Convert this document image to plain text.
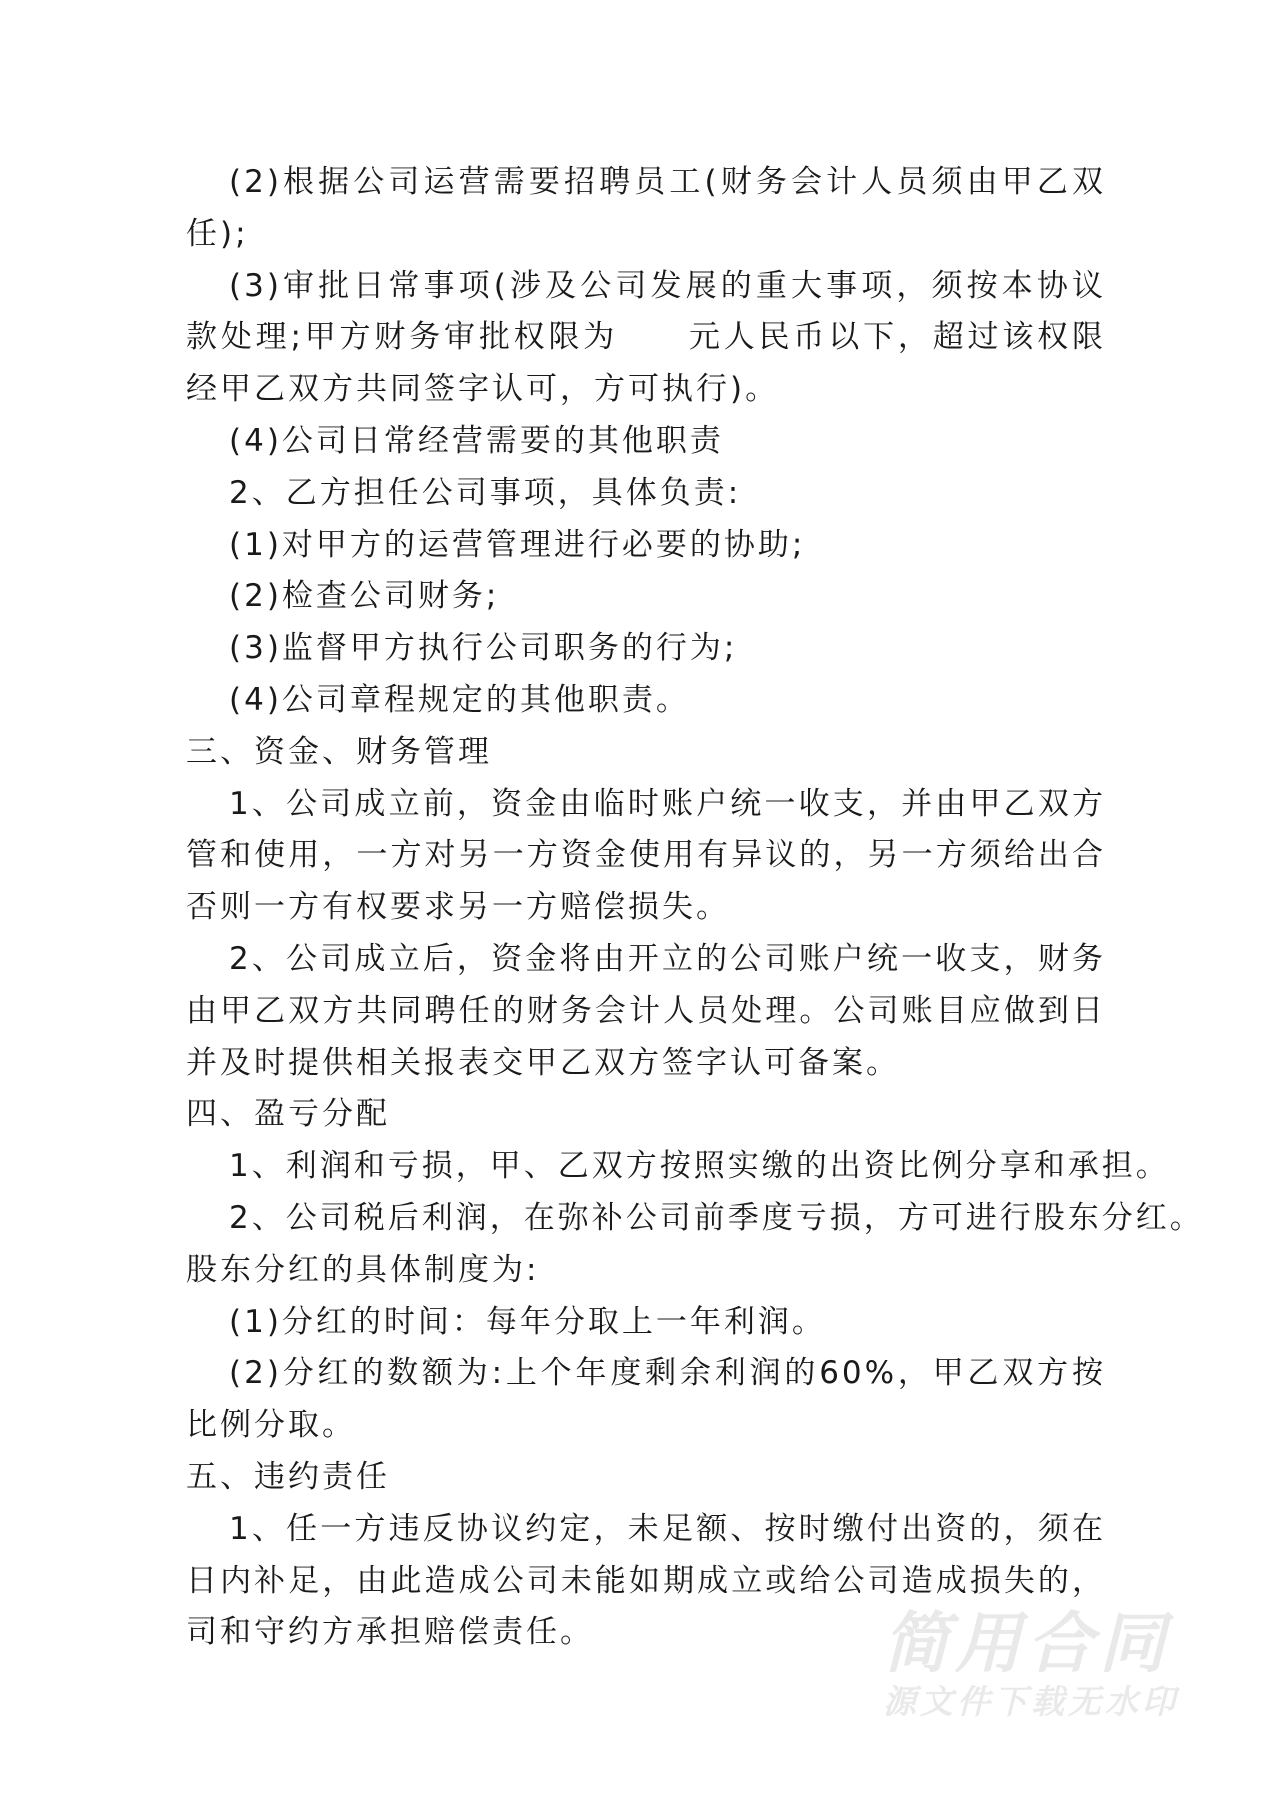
(2)根据公司运营需要招聘员工(财务会计人员须由甲乙双
任);
(3)审批日常事项(涉及公司发展的重大事项，须按本协议
款处理;甲方财务审批权限为 元人民币以下，超过该权限
经甲乙双方共同签字认可，方可执行)。
(4)公司日常经营需要的其他职责
2、乙方担任公司事项，具体负责:
(1)对甲方的运营管理进行必要的协助;
(2)检查公司财务;
(3)监督甲方执行公司职务的行为;
(4)公司章程规定的其他职责。
三、资金、财务管理
1、公司成立前，资金由临时账户统一收支，并由甲乙双方
管和使用，一方对另一方资金使用有异议的，另一方须给出合
否则一方有权要求另一方赔偿损失。
2、公司成立后，资金将由开立的公司账户统一收支，财务
由甲乙双方共同聘任的财务会计人员处理。公司账目应做到日
并及时提供相关报表交甲乙双方签字认可备案。
四、盈亏分配
1、利润和亏损，甲、乙双方按照实缴的出资比例分享和承担。
2、公司税后利润，在弥补公司前季度亏损，方可进行股东分红。
股东分红的具体制度为:
(1)分红的时间：每年分取上一年利润。
(2)分红的数额为:上个年度剩余利润的60%，甲乙双方按
比例分取。
五、违约责任
1、任一方违反协议约定，未足额、按时缴付出资的，须在
日内补足，由此造成公司未能如期成立或给公司造成损失的，
司和守约方承担赔偿责任。	简用合同
源文件下载无水印
